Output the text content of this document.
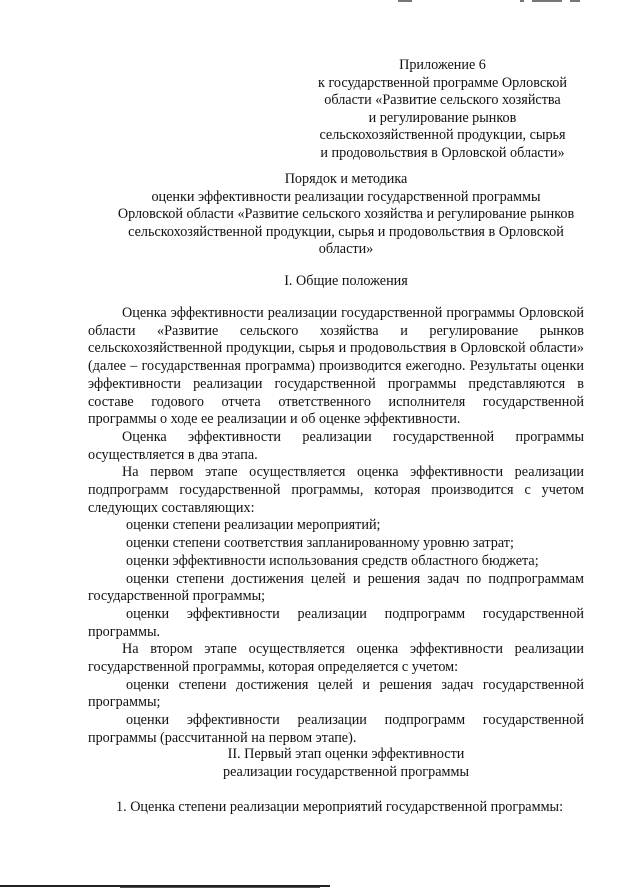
Приложение 6
к государственной программе Орловской
области «Развитие сельского хозяйства
и регулирование рынков
сельскохозяйственной продукции, сырья
и продовольствия в Орловской области»
Порядок и методика
оценки эффективности реализации государственной программы
Орловской области «Развитие сельского хозяйства и регулирование рынков
сельскохозяйственной продукции, сырья и продовольствия в Орловской
области»
I. Общие положения

Оценка эффективности реализации государственной программы Орловской области «Развитие сельского хозяйства и регулирование рынков сельскохозяйственной продукции, сырья и продовольствия в Орловской области» (далее – государственная программа) производится ежегодно. Результаты оценки эффективности реализации государственной программы представляются в составе годового отчета ответственного исполнителя государственной программы о ходе ее реализации и об оценке эффективности.

Оценка эффективности реализации государственной программы осуществляется в два этапа.

На первом этапе осуществляется оценка эффективности реализации подпрограмм государственной программы, которая производится с учетом следующих составляющих:

оценки степени реализации мероприятий;

оценки степени соответствия запланированному уровню затрат;

оценки эффективности использования средств областного бюджета;

оценки степени достижения целей и решения задач по подпрограммам государственной программы;

оценки эффективности реализации подпрограмм государственной программы.

На втором этапе осуществляется оценка эффективности реализации государственной программы, которая определяется с учетом:

оценки степени достижения целей и решения задач государственной программы;

оценки эффективности реализации подпрограмм государственной программы (рассчитанной на первом этапе).

II. Первый этап оценки эффективности
реализации государственной программы
1. Оценка степени реализации мероприятий государственной программы:
